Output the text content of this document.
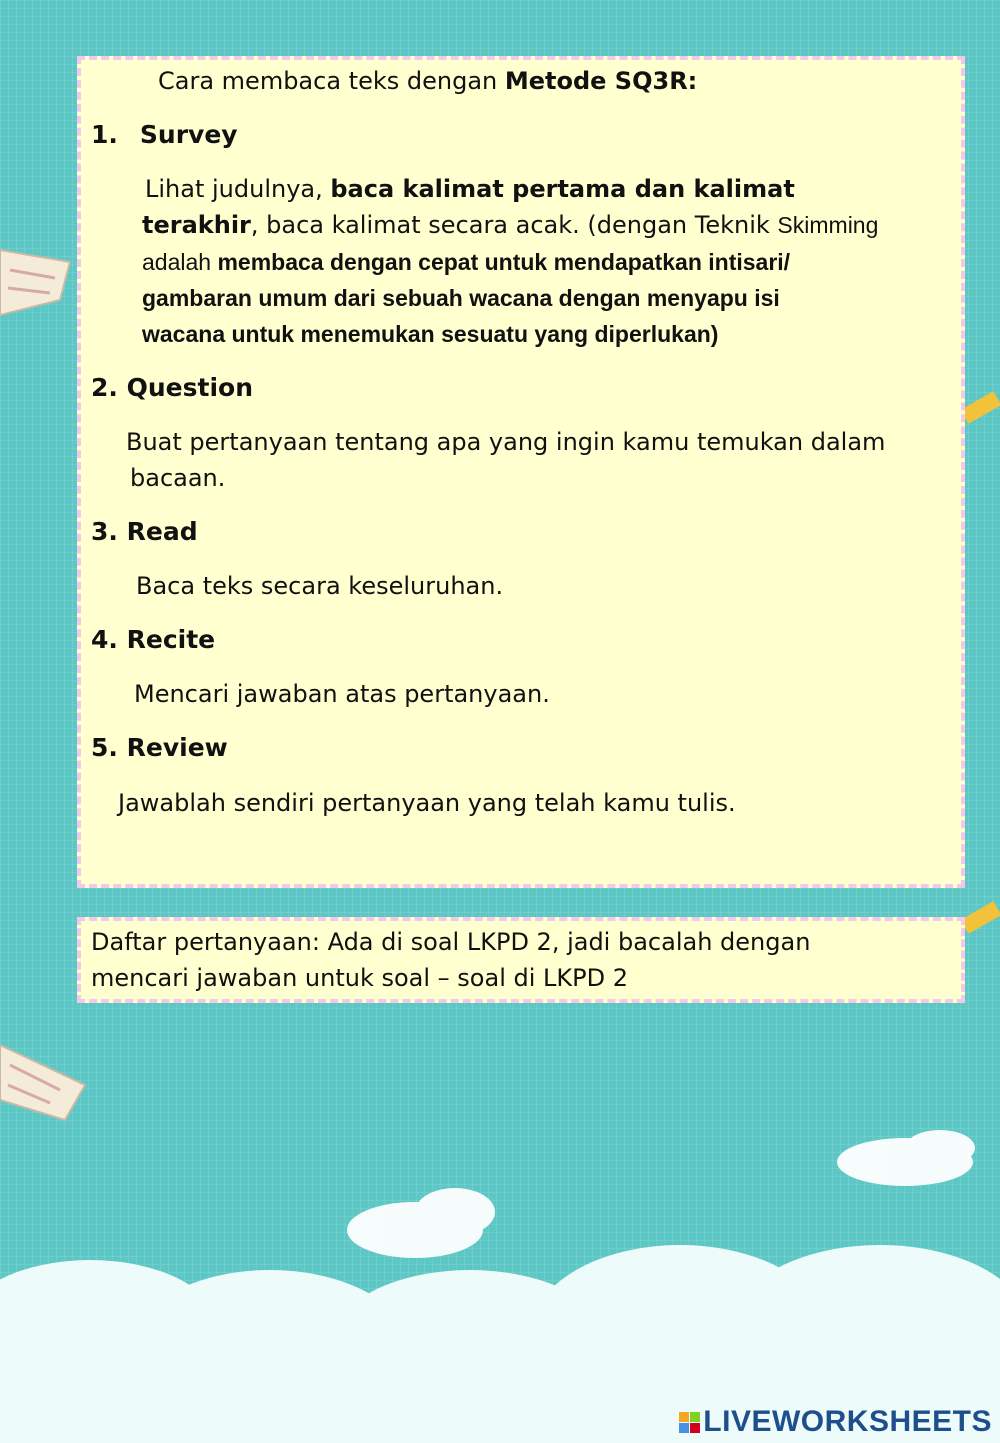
Cara membaca teks dengan Metode SQ3R:
1. Survey
Lihat judulnya, baca kalimat pertama dan kalimat
terakhir, baca kalimat secara acak. (dengan Teknik Skimming
adalah membaca dengan cepat untuk mendapatkan intisari/
gambaran umum dari sebuah wacana dengan menyapu isi
wacana untuk menemukan sesuatu yang diperlukan)
2. Question
Buat pertanyaan tentang apa yang ingin kamu temukan dalam
bacaan.
3. Read
Baca teks secara keseluruhan.
4. Recite
Mencari jawaban atas pertanyaan.
5. Review
Jawablah sendiri pertanyaan yang telah kamu tulis.
Daftar pertanyaan: Ada di soal LKPD 2, jadi bacalah dengan
mencari jawaban untuk soal – soal di LKPD 2
LIVEWORKSHEETS
